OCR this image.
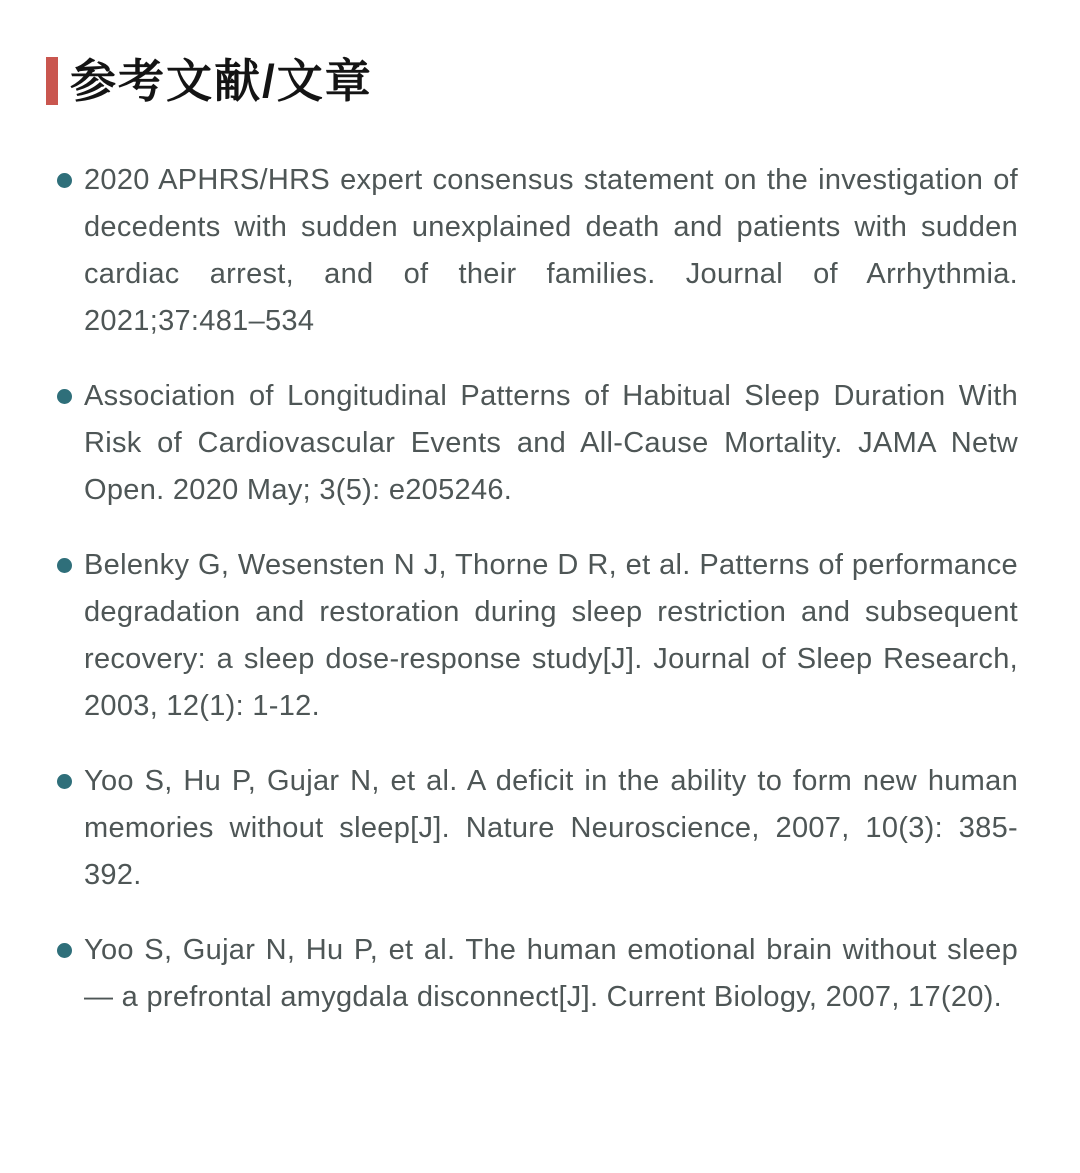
参考文献/文章
2020 APHRS/HRS expert consensus statement on the investigation of decedents with sudden unexplained death and patients with sudden cardiac arrest, and of their families. Journal of Arrhythmia. 2021;37:481–534
Association of Longitudinal Patterns of Habitual Sleep Duration With Risk of Cardiovascular Events and All-Cause Mortality. JAMA Netw Open. 2020 May; 3(5): e205246.
Belenky G, Wesensten N J, Thorne D R, et al. Patterns of performance degradation and restoration during sleep restriction and subsequent recovery: a sleep dose-response study[J]. Journal of Sleep Research, 2003, 12(1): 1-12.
Yoo S, Hu P, Gujar N, et al. A deficit in the ability to form new human memories without sleep[J]. Nature Neuroscience, 2007, 10(3): 385-392.
Yoo S, Gujar N, Hu P, et al. The human emotional brain without sleep — a prefrontal amygdala disconnect[J]. Current Biology, 2007, 17(20).
